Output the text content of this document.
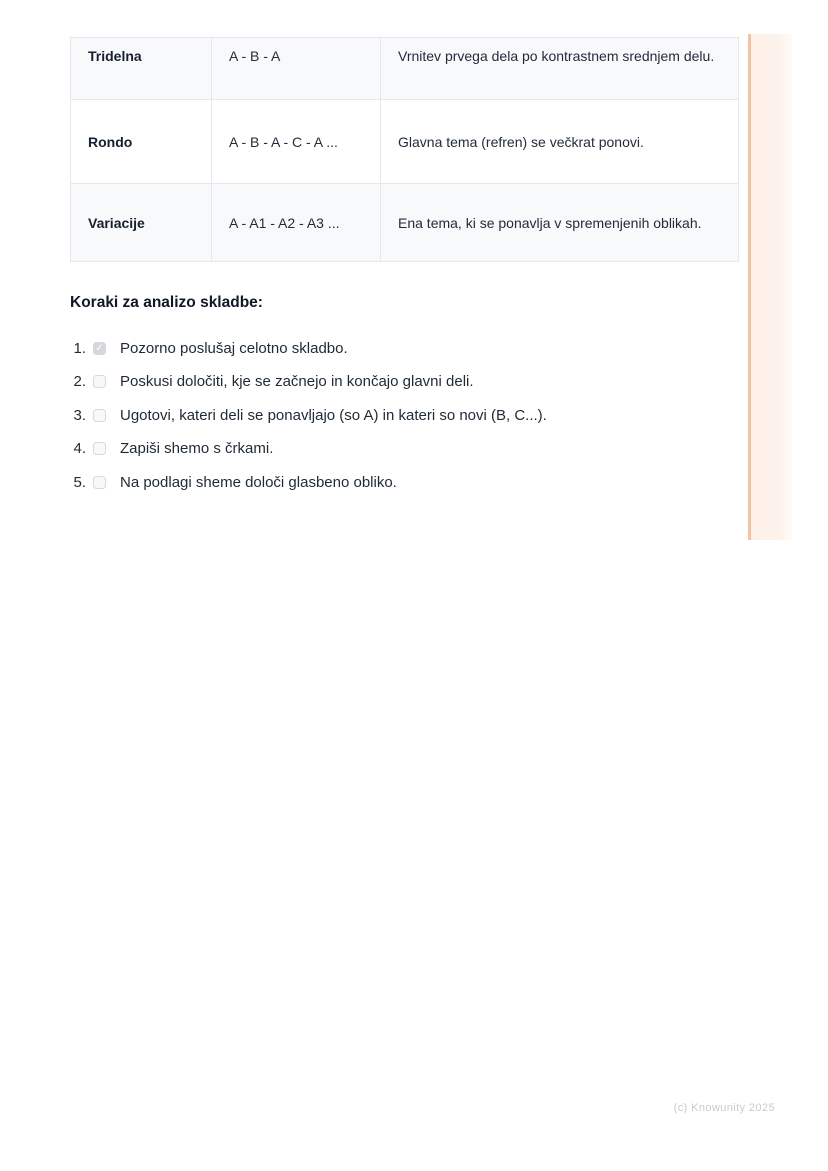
Tridelna	A - B - A	Vrnitev prvega dela po kontrastnem srednjem delu.
Rondo	A - B - A - C - A ...	Glavna tema (refren) se večkrat ponovi.
Variacije	A - A1 - A2 - A3 ...	Ena tema, ki se ponavlja v spremenjenih oblikah.
Koraki za analizo skladbe:
1. ✓ Pozorno poslušaj celotno skladbo.
2. Poskusi določiti, kje se začnejo in končajo glavni deli.
3. Ugotovi, kateri deli se ponavljajo (so A) in kateri so novi (B, C...).
4. Zapiši shemo s črkami.
5. Na podlagi sheme določi glasbeno obliko.
(c) Knowunity 2025
